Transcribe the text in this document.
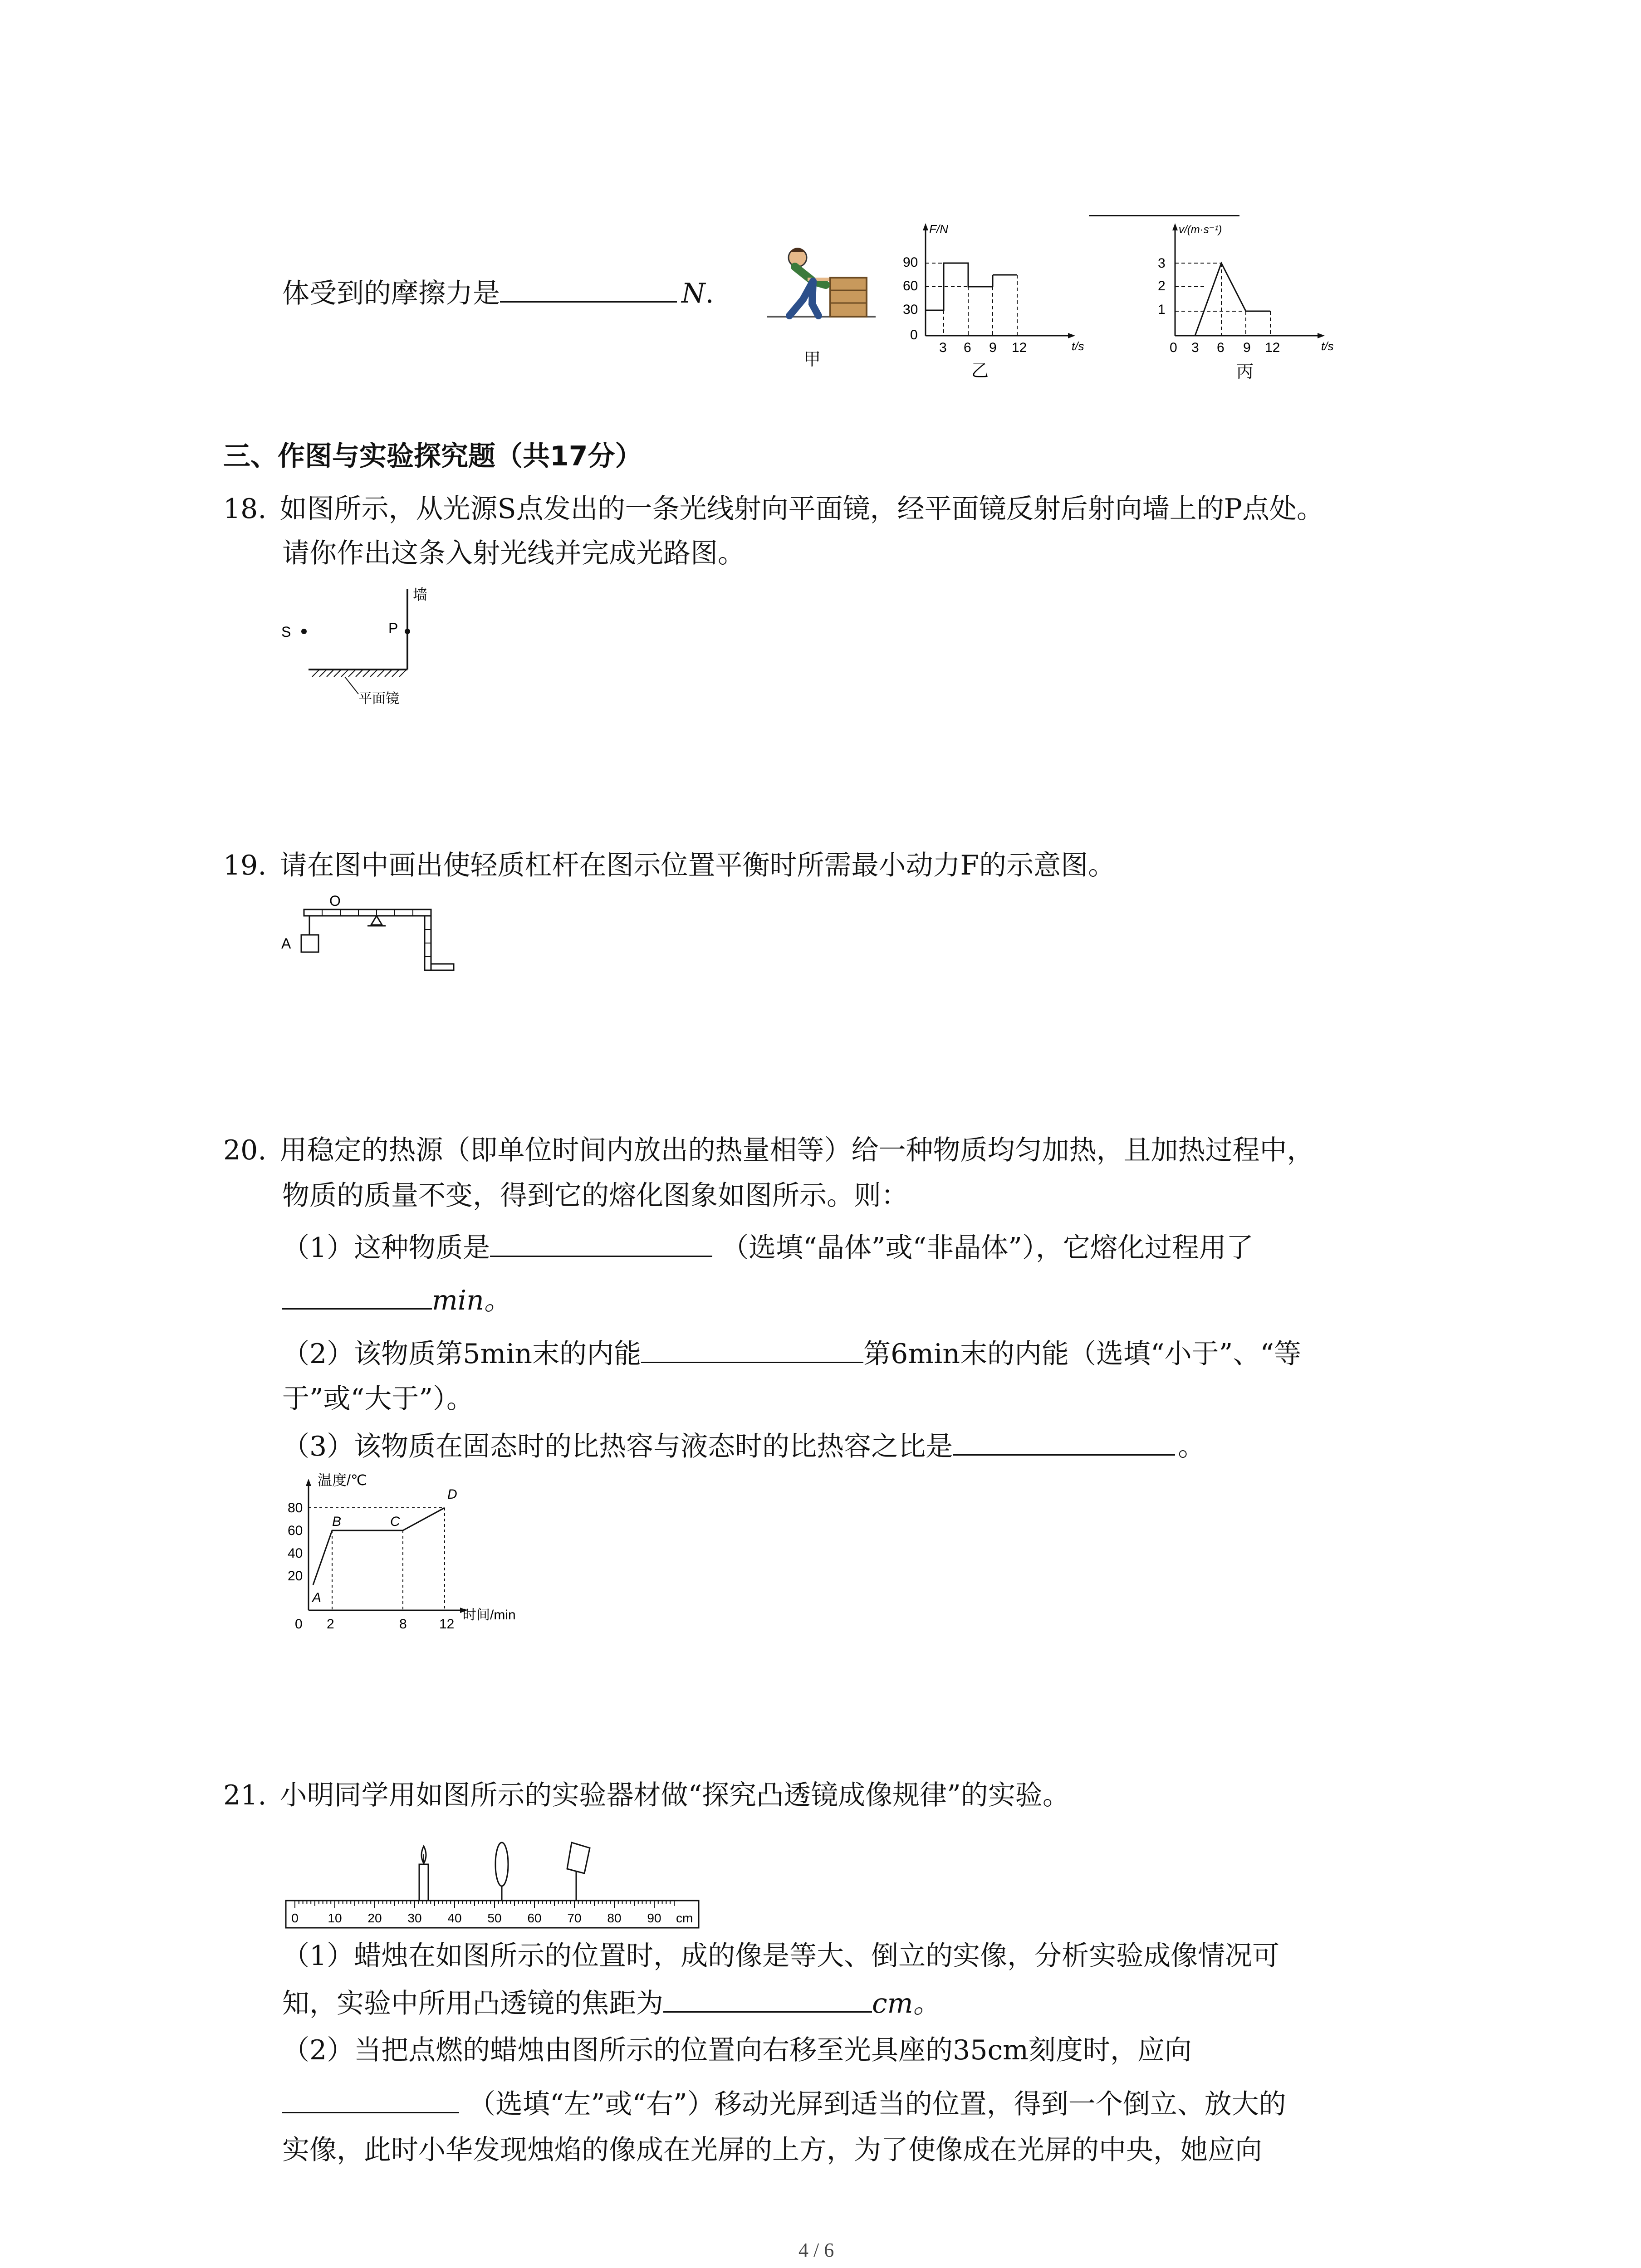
体受到的摩擦力是	N.
甲
F/N
t/s
90
60
30
0
3 6 9 12
乙
v/(m·s⁻¹)
t/s
3
2
1
0 3 6 9 12
丙
三、作图与实验探究题（共17分）
18. 如图所示，从光源S点发出的一条光线射向平面镜，经平面镜反射后射向墙上的P点处。
请你作出这条入射光线并完成光路图。
墙
P
S
平面镜
19. 请在图中画出使轻质杠杆在图示位置平衡时所需最小动力F的示意图。
O
A
20. 用稳定的热源（即单位时间内放出的热量相等）给一种物质均匀加热，且加热过程中，
物质的质量不变，得到它的熔化图象如图所示。则：
（1）这种物质是	（选填“晶体”或“非晶体”），它熔化过程用了
min。
（2）该物质第5min末的内能	第6min末的内能（选填“小于”、“等
于”或“大于”）。
（3）该物质在固态时的比热容与液态时的比热容之比是	。
温度/℃
时间/min
80
60
40
20
0 2	8 12
A
B	C
D
21. 小明同学用如图所示的实验器材做“探究凸透镜成像规律”的实验。
0 10 20 30 40 50 60 70 80 90 cm
（1）蜡烛在如图所示的位置时，成的像是等大、倒立的实像，分析实验成像情况可
知，实验中所用凸透镜的焦距为	cm。
（2）当把点燃的蜡烛由图所示的位置向右移至光具座的35cm刻度时，应向
（选填“左”或“右”）移动光屏到适当的位置，得到一个倒立、放大的
实像，此时小华发现烛焰的像成在光屏的上方，为了使像成在光屏的中央，她应向
4 / 6
